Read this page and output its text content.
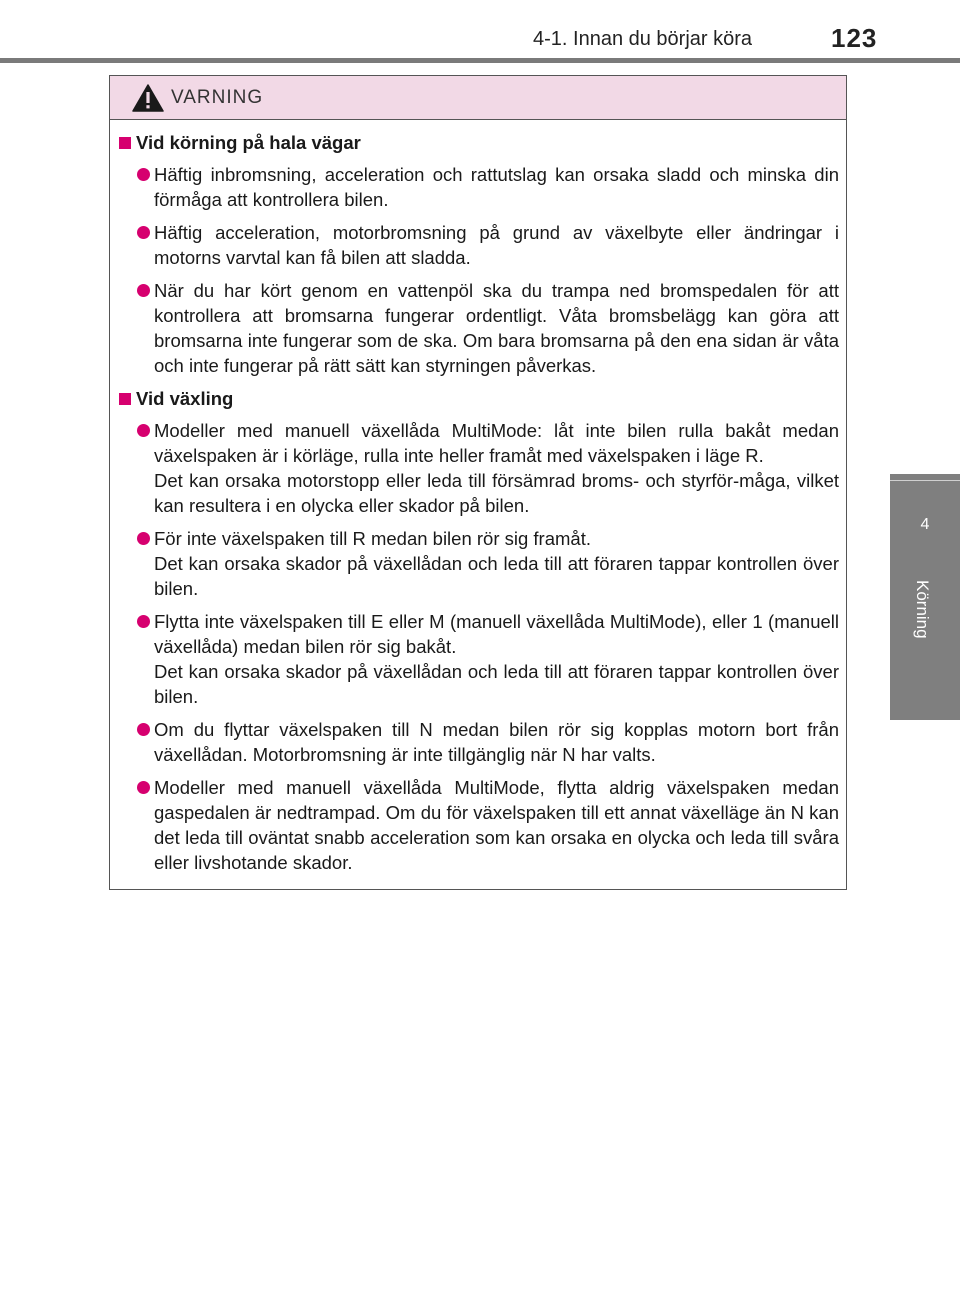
4-1. Innan du börjar köra	123
4
Körning
VARNING
Vid körning på hala vägar
Häftig inbromsning, acceleration och rattutslag kan orsaka sladd och minska din förmåga att kontrollera bilen.
Häftig acceleration, motorbromsning på grund av växelbyte eller ändringar i motorns varvtal kan få bilen att sladda.
När du har kört genom en vattenpöl ska du trampa ned bromspedalen för att kontrollera att bromsarna fungerar ordentligt. Våta bromsbelägg kan göra att bromsarna inte fungerar som de ska. Om bara bromsarna på den ena sidan är våta och inte fungerar på rätt sätt kan styrningen påverkas.
Vid växling
Modeller med manuell växellåda MultiMode: låt inte bilen rulla bakåt medan växelspaken är i körläge, rulla inte heller framåt med växelspaken i läge R.
Det kan orsaka motorstopp eller leda till försämrad broms- och styrför-måga, vilket kan resultera i en olycka eller skador på bilen.
För inte växelspaken till R medan bilen rör sig framåt.
Det kan orsaka skador på växellådan och leda till att föraren tappar kontrollen över bilen.
Flytta inte växelspaken till E eller M (manuell växellåda MultiMode), eller 1 (manuell växellåda) medan bilen rör sig bakåt.
Det kan orsaka skador på växellådan och leda till att föraren tappar kontrollen över bilen.
Om du flyttar växelspaken till N medan bilen rör sig kopplas motorn bort från växellådan. Motorbromsning är inte tillgänglig när N har valts.
Modeller med manuell växellåda MultiMode, flytta aldrig växelspaken medan gaspedalen är nedtrampad. Om du för växelspaken till ett annat växelläge än N kan det leda till oväntat snabb acceleration som kan orsaka en olycka och leda till svåra eller livshotande skador.
